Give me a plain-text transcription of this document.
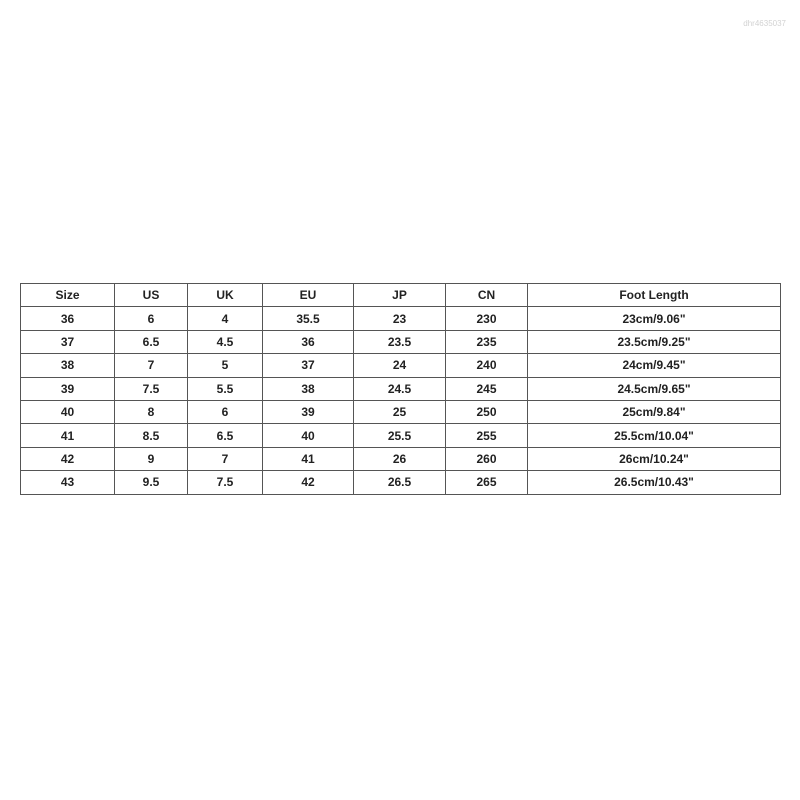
dhr4635037
Size	US	UK	EU	JP	CN	Foot Length
36	6	4	35.5	23	230	23cm/9.06"
37	6.5	4.5	36	23.5	235	23.5cm/9.25"
38	7	5	37	24	240	24cm/9.45"
39	7.5	5.5	38	24.5	245	24.5cm/9.65"
40	8	6	39	25	250	25cm/9.84"
41	8.5	6.5	40	25.5	255	25.5cm/10.04"
42	9	7	41	26	260	26cm/10.24"
43	9.5	7.5	42	26.5	265	26.5cm/10.43"
